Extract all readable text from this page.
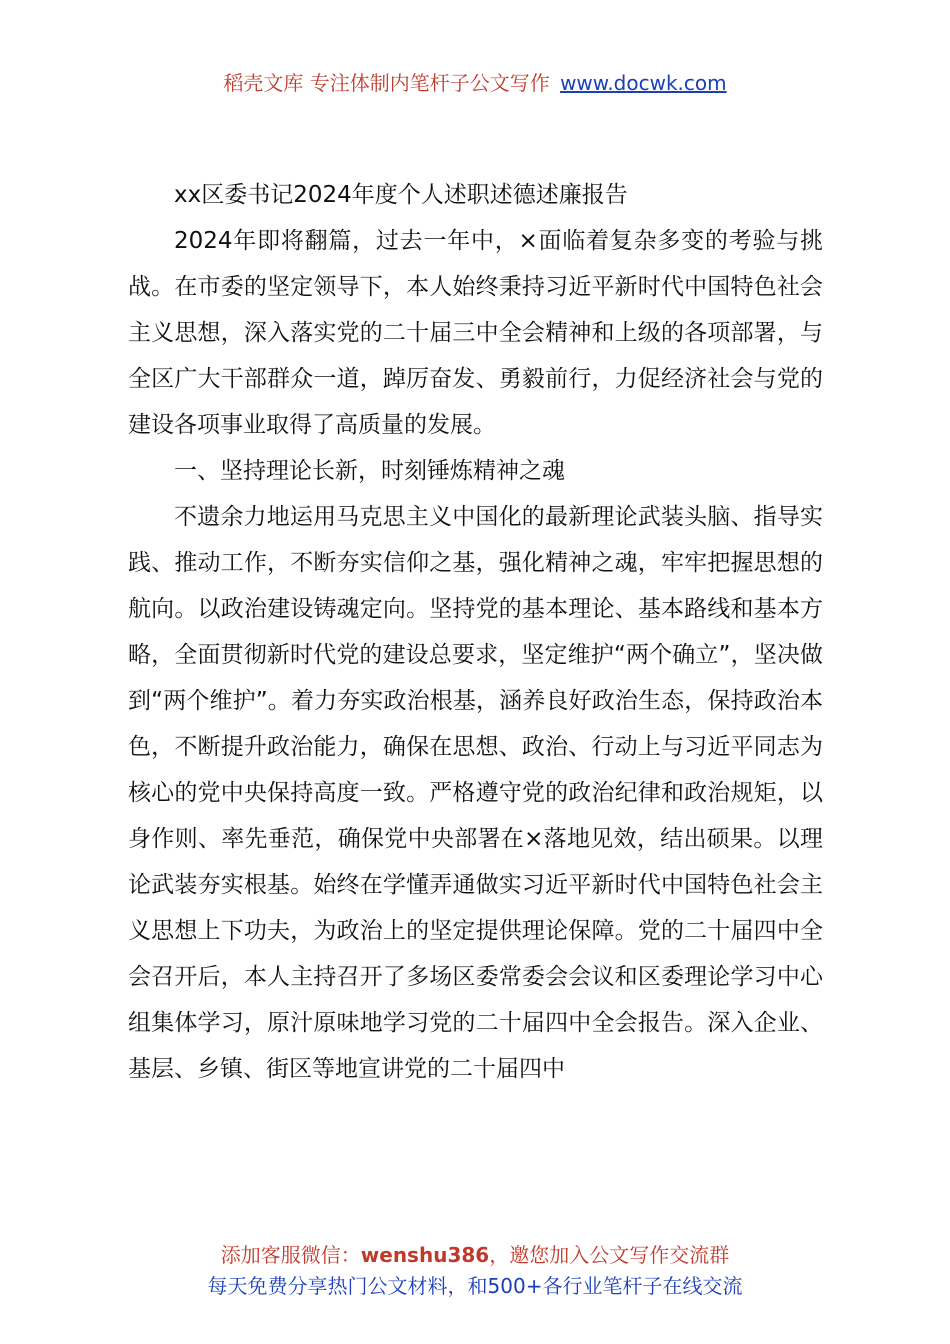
稻壳文库 专注体制内笔杆子公文写作 www.docwk.com

xx区委书记2024年度个人述职述德述廉报告

2024年即将翻篇，过去一年中，×面临着复杂多变的考验与挑战。在市委的坚定领导下，本人始终秉持习近平新时代中国特色社会主义思想，深入落实党的二十届三中全会精神和上级的各项部署，与全区广大干部群众一道，踔厉奋发、勇毅前行，力促经济社会与党的建设各项事业取得了高质量的发展。

一、坚持理论长新，时刻锤炼精神之魂

不遗余力地运用马克思主义中国化的最新理论武装头脑、指导实践、推动工作，不断夯实信仰之基，强化精神之魂，牢牢把握思想的航向。以政治建设铸魂定向。坚持党的基本理论、基本路线和基本方略，全面贯彻新时代党的建设总要求，坚定维护“两个确立”，坚决做到“两个维护”。着力夯实政治根基，涵养良好政治生态，保持政治本色，不断提升政治能力，确保在思想、政治、行动上与习近平同志为核心的党中央保持高度一致。严格遵守党的政治纪律和政治规矩，以身作则、率先垂范，确保党中央部署在×落地见效，结出硕果。以理论武装夯实根基。始终在学懂弄通做实习近平新时代中国特色社会主义思想上下功夫，为政治上的坚定提供理论保障。党的二十届四中全会召开后，本人主持召开了多场区委常委会会议和区委理论学习中心组集体学习，原汁原味地学习党的二十届四中全会报告。深入企业、基层、乡镇、街区等地宣讲党的二十届四中

添加客服微信：wenshu386，邀您加入公文写作交流群
每天免费分享热门公文材料，和500+各行业笔杆子在线交流
